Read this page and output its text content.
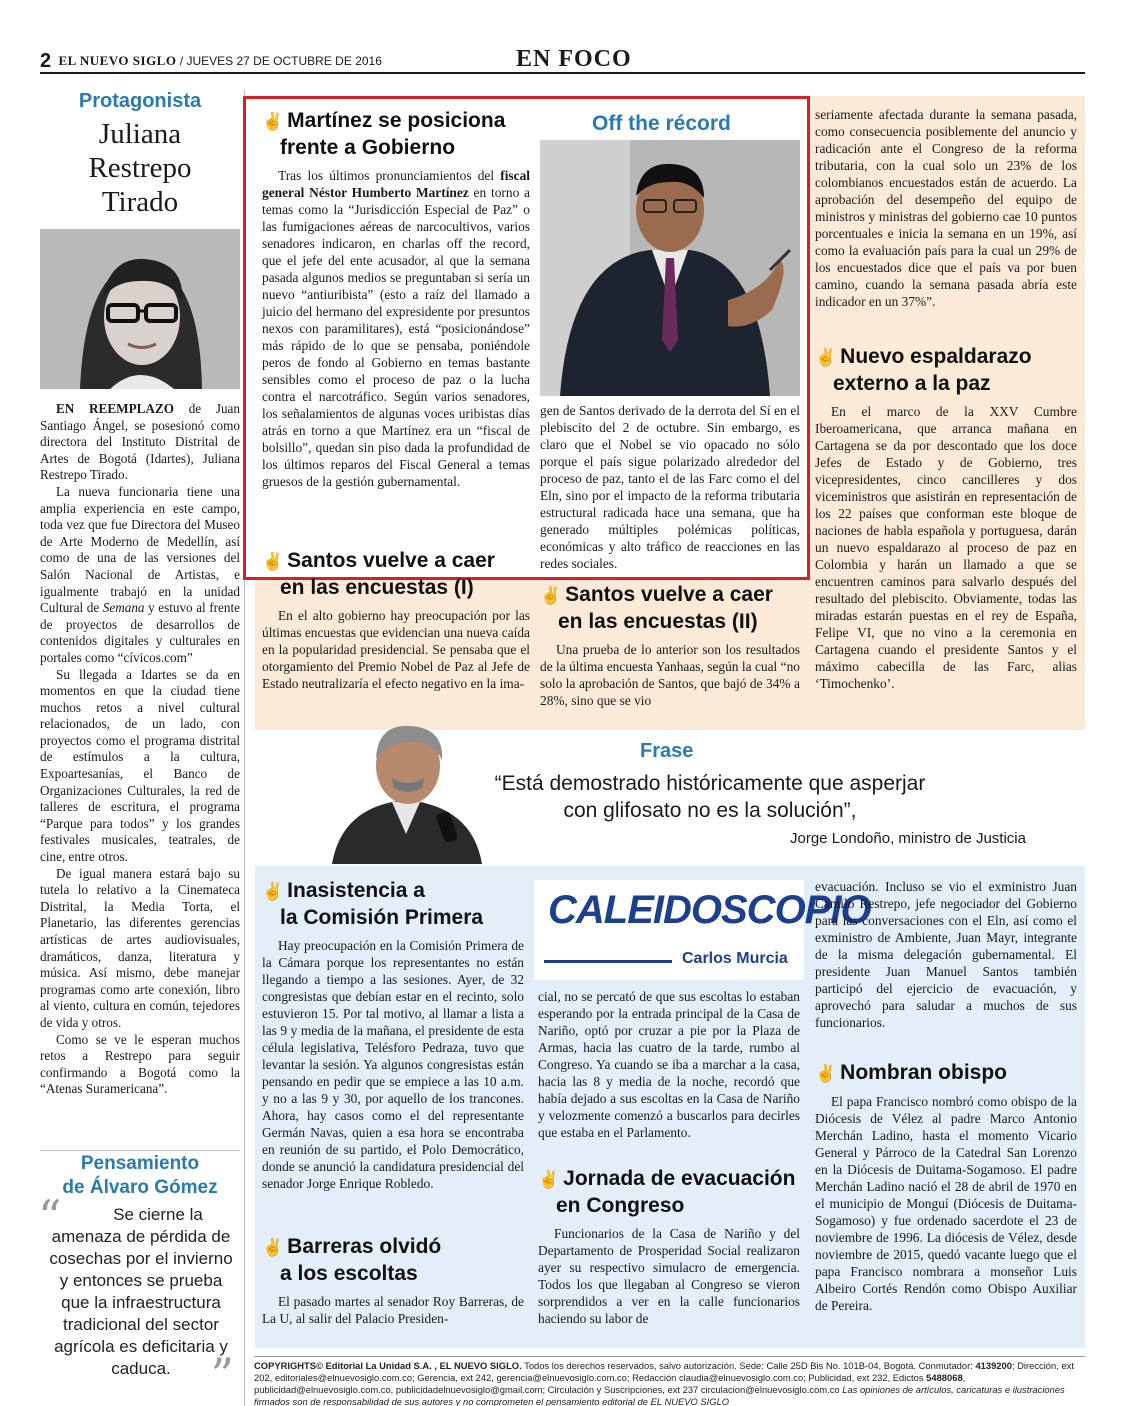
2 EL NUEVO SIGLO / JUEVES 27 DE OCTUBRE DE 2016	EN FOCO
Protagonista
Juliana
Restrepo
Tirado

EN REEMPLAZO de Juan Santiago Ángel, se posesionó como directora del Instituto Distrital de Artes de Bogotá (Idartes), Juliana Restrepo Tirado.

La nueva funcionaria tiene una amplia experiencia en este campo, toda vez que fue Directora del Museo de Arte Moderno de Medellín, así como de una de las versiones del Salón Nacional de Artistas, e igualmente trabajó en la unidad Cultural de Semana y estuvo al frente de proyectos de desarrollos de contenidos digitales y culturales en portales como “cívicos.com”

Su llegada a Idartes se da en momentos en que la ciudad tiene muchos retos a nivel cultural relacionados, de un lado, con proyectos como el programa distrital de estímulos a la cultura, Expoartesanías, el Banco de Organizaciones Culturales, la red de talleres de escritura, el programa “Parque para todos” y los grandes festivales musicales, teatrales, de cine, entre otros.

De igual manera estará bajo su tutela lo relativo a la Cinemateca Distrital, la Media Torta, el Planetario, las diferentes gerencias artísticas de artes audiovisuales, dramáticos, danza, literatura y música. Así mismo, debe manejar programas como arte conexión, libro al viento, cultura en común, tejedores de vida y otros.

Como se ve le esperan muchos retos a Restrepo para seguir confirmando a Bogotá como la “Atenas Suramericana”.

Pensamiento
de Álvaro Gómez
“	Se cierne la amenaza de pérdida de cosechas por el invierno y entonces se prueba que la infraestructura tradicional del sector agrícola es deficitaria y caduca. ”
✌ Martínez se posiciona
frente a Gobierno

Tras los últimos pronunciamientos del fiscal general Néstor Humberto Martínez en torno a temas como la “Jurisdicción Especial de Paz” o las fumigaciones aéreas de narcocultivos, varios senadores indicaron, en charlas off the record, que el jefe del ente acusador, al que la semana pasada algunos medios se preguntaban si sería un nuevo “antiuribista” (esto a raíz del llamado a juicio del hermano del expresidente por presuntos nexos con paramilitares), está “posicionándose” más rápido de lo que se pensaba, poniéndole peros de fondo al Gobierno en temas bastante sensibles como el proceso de paz o la lucha contra el narcotráfico. Según varios senadores, los señalamientos de algunas voces uribistas días atrás en torno a que Martínez era un “fiscal de bolsillo”, quedan sin piso dada la profundidad de los últimos reparos del Fiscal General a temas gruesos de la gestión gubernamental.

Off the récord
✌ Santos vuelve a caer
en las encuestas (I)

En el alto gobierno hay preocupación por las últimas encuestas que evidencian una nueva caída en la popularidad presidencial. Se pensaba que el otorgamiento del Premio Nobel de Paz al Jefe de Estado neutralizaría el efecto negativo en la ima-

gen de Santos derivado de la derrota del Sí en el plebiscito del 2 de octubre. Sin embargo, es claro que el Nobel se vio opacado no sólo porque el país sigue polarizado alrededor del proceso de paz, tanto el de las Farc como el del Eln, sino por el impacto de la reforma tributaria estructural radicada hace una semana, que ha generado múltiples polémicas políticas, económicas y alto tráfico de reacciones en las redes sociales.

✌ Santos vuelve a caer
en las encuestas (II)

Una prueba de lo anterior son los resultados de la última encuesta Yanhaas, según la cual “no solo la aprobación de Santos, que bajó de 34% a 28%, sino que se vio

seriamente afectada durante la semana pasada, como consecuencia posiblemente del anuncio y radicación ante el Congreso de la reforma tributaria, con la cual solo un 23% de los colombianos encuestados están de acuerdo. La aprobación del desempeño del equipo de ministros y ministras del gobierno cae 10 puntos porcentuales e inicia la semana en un 19%, así como la evaluación país para la cual un 29% de los encuestados dice que el país va por buen camino, cuando la semana pasada abría este indicador en un 37%”.

✌ Nuevo espaldarazo
externo a la paz

En el marco de la XXV Cumbre Iberoamericana, que arranca mañana en Cartagena se da por descontado que los doce Jefes de Estado y de Gobierno, tres vicepresidentes, cinco cancilleres y dos viceministros que asistirán en representación de los 22 países que conforman este bloque de naciones de habla española y portuguesa, darán un nuevo espaldarazo al proceso de paz en Colombia y harán un llamado a que se encuentren caminos para salvarlo después del resultado del plebiscito. Obviamente, todas las miradas estarán puestas en el rey de España, Felipe VI, que no vino a la ceremonia en Cartagena cuando el presidente Santos y el máximo cabecilla de las Farc, alias ‘Timochenko’.

Frase
“Está demostrado históricamente que asperjar
con glifosato no es la solución”,
Jorge Londoño, ministro de Justicia
CALEIDOSCOPIO
Carlos Murcia
✌ Inasistencia a
la Comisión Primera

Hay preocupación en la Comisión Primera de la Cámara porque los representantes no están llegando a tiempo a las sesiones. Ayer, de 32 congresistas que debían estar en el recinto, solo estuvieron 15. Por tal motivo, al llamar a lista a las 9 y media de la mañana, el presidente de esta célula legislativa, Telésforo Pedraza, tuvo que levantar la sesión. Ya algunos congresistas están pensando en pedir que se empiece a las 10 a.m. y no a las 9 y 30, por aquello de los trancones. Ahora, hay casos como el del representante Germán Navas, quien a esa hora se encontraba en reunión de su partido, el Polo Democrático, donde se anunció la candidatura presidencial del senador Jorge Enrique Robledo.

✌ Barreras olvidó
a los escoltas

El pasado martes al senador Roy Barreras, de La U, al salir del Palacio Presiden-

cial, no se percató de que sus escoltas lo estaban esperando por la entrada principal de la Casa de Nariño, optó por cruzar a pie por la Plaza de Armas, hacia las cuatro de la tarde, rumbo al Congreso. Ya cuando se iba a marchar a la casa, hacia las 8 y media de la noche, recordó que había dejado a sus escoltas en la Casa de Nariño y velozmente comenzó a buscarlos para decirles que estaba en el Parlamento.

✌ Jornada de evacuación
en Congreso

Funcionarios de la Casa de Nariño y del Departamento de Prosperidad Social realizaron ayer su respectivo simulacro de emergencia. Todos los que llegaban al Congreso se vieron sorprendidos a ver en la calle funcionarios haciendo su labor de

evacuación. Incluso se vio el exministro Juan Camilo Restrepo, jefe negociador del Gobierno para las conversaciones con el Eln, así como el exministro de Ambiente, Juan Mayr, integrante de la misma delegación gubernamental. El presidente Juan Manuel Santos también participó del ejercicio de evacuación, y aprovechó para saludar a muchos de sus funcionarios.

✌ Nombran obispo

El papa Francisco nombró como obispo de la Diócesis de Vélez al padre Marco Antonio Merchán Ladino, hasta el momento Vicario General y Párroco de la Catedral San Lorenzo en la Diócesis de Duitama-Sogamoso. El padre Merchán Ladino nació el 28 de abril de 1970 en el municipio de Monguí (Diócesis de Duitama-Sogamoso) y fue ordenado sacerdote el 23 de noviembre de 1996. La diócesis de Vélez, desde noviembre de 2015, quedó vacante luego que el papa Francisco nombrara a monseñor Luis Albeiro Cortés Rendón como Obispo Auxiliar de Pereira.

COPYRIGHTS© Editorial La Unidad S.A. , EL NUEVO SIGLO. Todos los derechos reservados, salvo autorización. Sede: Calle 25D Bis No. 101B-04, Bogotá. Conmutador: 4139200; Dirección, ext 202, editoriales@elnuevosiglo.com.co; Gerencia, ext 242, gerencia@elnuevosiglo.com.co; Redacción claudia@elnuevosiglo.com.co; Publicidad, ext 232, Edictos 5488068, publicidad@elnuevosiglo.com.co, publicidadelnuevosiglo@gmail.com; Circulación y Suscripciones, ext 237 circulacion@elnuevosiglo.com.co Las opiniones de artículos, caricaturas e ilustraciones firmados son de responsabilidad de sus autores y no comprometen el pensamiento editorial de EL NUEVO SIGLO
